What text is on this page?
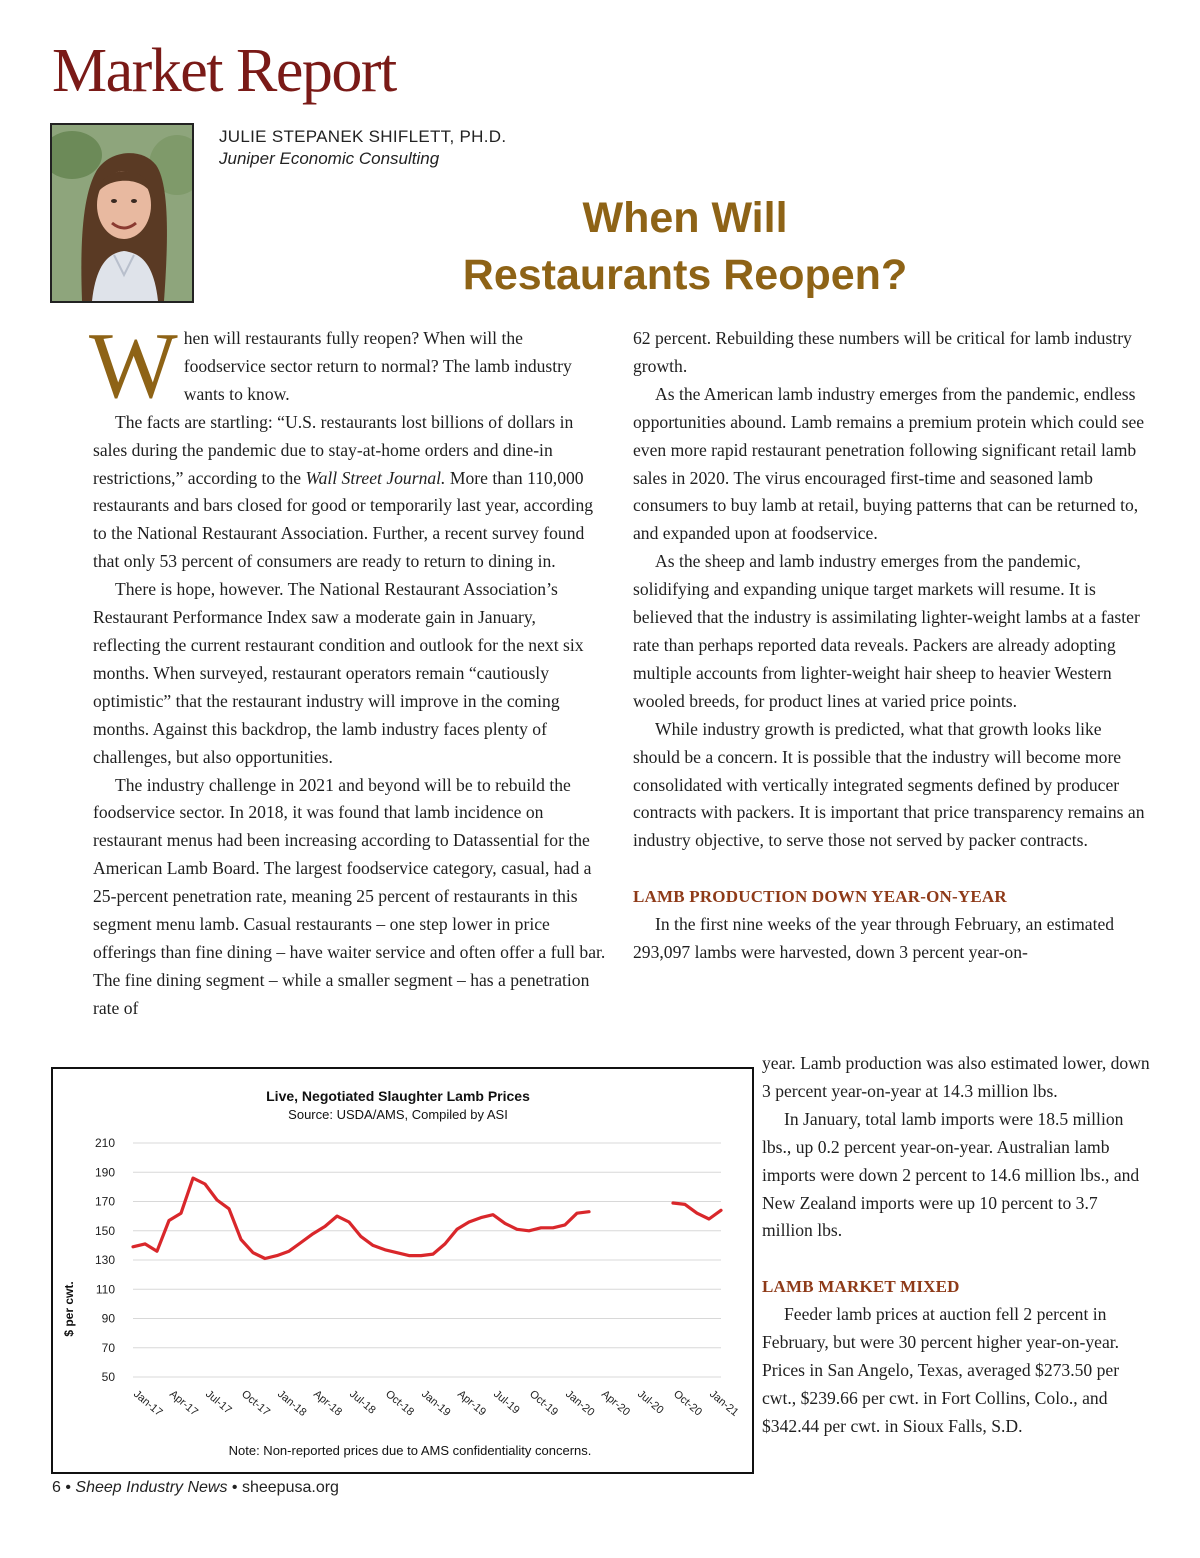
Market Report
JULIE STEPANEK SHIFLETT, PH.D.
Juniper Economic Consulting
When Will
Restaurants Reopen?

When will restaurants fully reopen? When will the foodservice sector return to normal? The lamb industry wants to know.

The facts are startling: “U.S. restaurants lost billions of dollars in sales during the pandemic due to stay-at-home orders and dine-in restrictions,” according to the Wall Street Journal. More than 110,000 restaurants and bars closed for good or temporarily last year, according to the National Restaurant Association. Further, a recent survey found that only 53 percent of consumers are ready to return to dining in.

There is hope, however. The National Restaurant Association’s Restaurant Performance Index saw a moderate gain in January, reflecting the current restaurant condition and outlook for the next six months. When surveyed, restaurant operators remain “cautiously optimistic” that the restaurant industry will improve in the coming months. Against this backdrop, the lamb industry faces plenty of challenges, but also opportunities.

The industry challenge in 2021 and beyond will be to rebuild the foodservice sector. In 2018, it was found that lamb incidence on restaurant menus had been increasing according to Datassential for the American Lamb Board. The largest foodservice category, casual, had a 25-percent penetration rate, meaning 25 percent of restaurants in this segment menu lamb. Casual restaurants – one step lower in price offerings than fine dining – have waiter service and often offer a full bar. The fine dining segment – while a smaller segment – has a penetration rate of

62 percent. Rebuilding these numbers will be critical for lamb industry growth.

As the American lamb industry emerges from the pandemic, endless opportunities abound. Lamb remains a premium protein which could see even more rapid restaurant penetration following significant retail lamb sales in 2020. The virus encouraged first-time and seasoned lamb consumers to buy lamb at retail, buying patterns that can be returned to, and expanded upon at foodservice.

As the sheep and lamb industry emerges from the pandemic, solidifying and expanding unique target markets will resume. It is believed that the industry is assimilating lighter-weight lambs at a faster rate than perhaps reported data reveals. Packers are already adopting multiple accounts from lighter-weight hair sheep to heavier Western wooled breeds, for product lines at varied price points.

While industry growth is predicted, what that growth looks like should be a concern. It is possible that the industry will become more consolidated with vertically integrated segments defined by producer contracts with packers. It is important that price transparency remains an industry objective, to serve those not served by packer contracts.

LAMB PRODUCTION DOWN YEAR-ON-YEAR

In the first nine weeks of the year through February, an estimated 293,097 lambs were harvested, down 3 percent year-on-

year. Lamb production was also estimated lower, down 3 percent year-on-year at 14.3 million lbs.

In January, total lamb imports were 18.5 million lbs., up 0.2 percent year-on-year. Australian lamb imports were down 2 percent to 14.6 million lbs., and New Zealand imports were up 10 percent to 3.7 million lbs.

LAMB MARKET MIXED

Feeder lamb prices at auction fell 2 percent in February, but were 30 percent higher year-on-year. Prices in San Angelo, Texas, averaged $273.50 per cwt., $239.66 per cwt. in Fort Collins, Colo., and $342.44 per cwt. in Sioux Falls, S.D.

Live, Negotiated Slaughter Lamb Prices
Source: USDA/AMS, Compiled by ASI
$ per cwt.
210
190
170
150
130
110
90
70
50
Jan-17 Apr-17 Jul-17 Oct-17 Jan-18 Apr-18 Jul-18 Oct-18 Jan-19 Apr-19 Jul-19 Oct-19 Jan-20 Apr-20 Jul-20 Oct-20 Jan-21
Note: Non-reported prices due to AMS confidentiality concerns.
6 • Sheep Industry News • sheepusa.org
